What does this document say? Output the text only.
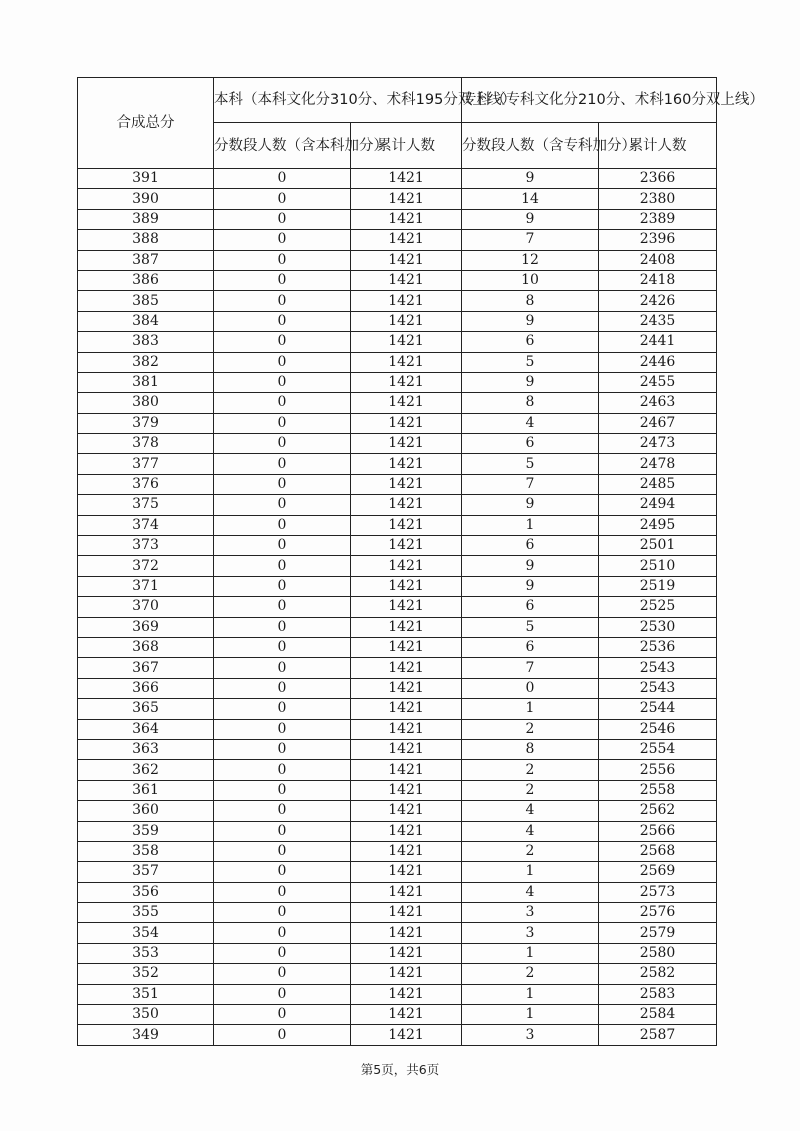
合成总分	本科（本科文化分310分、术科195分双上线）		专科（专科文化分210分、术科160分双上线）	
	分数段人数（含本科加分）	累计人数	分数段人数（含专科加分）	累计人数
391	0	1421	9	2366
390	0	1421	14	2380
389	0	1421	9	2389
388	0	1421	7	2396
387	0	1421	12	2408
386	0	1421	10	2418
385	0	1421	8	2426
384	0	1421	9	2435
383	0	1421	6	2441
382	0	1421	5	2446
381	0	1421	9	2455
380	0	1421	8	2463
379	0	1421	4	2467
378	0	1421	6	2473
377	0	1421	5	2478
376	0	1421	7	2485
375	0	1421	9	2494
374	0	1421	1	2495
373	0	1421	6	2501
372	0	1421	9	2510
371	0	1421	9	2519
370	0	1421	6	2525
369	0	1421	5	2530
368	0	1421	6	2536
367	0	1421	7	2543
366	0	1421	0	2543
365	0	1421	1	2544
364	0	1421	2	2546
363	0	1421	8	2554
362	0	1421	2	2556
361	0	1421	2	2558
360	0	1421	4	2562
359	0	1421	4	2566
358	0	1421	2	2568
357	0	1421	1	2569
356	0	1421	4	2573
355	0	1421	3	2576
354	0	1421	3	2579
353	0	1421	1	2580
352	0	1421	2	2582
351	0	1421	1	2583
350	0	1421	1	2584
349	0	1421	3	2587
第5页，共6页
